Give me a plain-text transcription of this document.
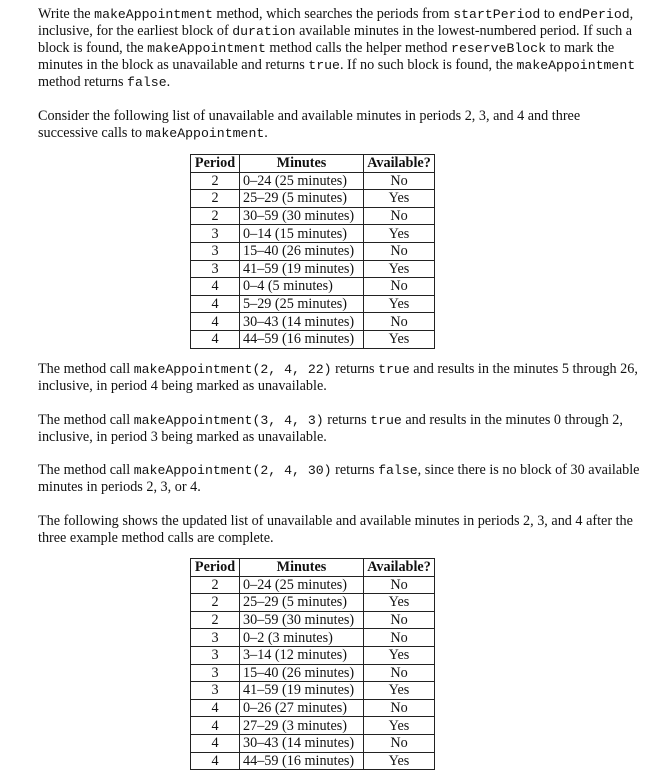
Write the makeAppointment method, which searches the periods from startPeriod to endPeriod, inclusive, for the earliest block of duration available minutes in the lowest-numbered period. If such a block is found, the makeAppointment method calls the helper method reserveBlock to mark the minutes in the block as unavailable and returns true. If no such block is found, the makeAppointment method returns false.

Consider the following list of unavailable and available minutes in periods 2, 3, and 4 and three successive calls to makeAppointment.

Period	Minutes	Available?
2	0–24 (25 minutes)	No
2	25–29 (5 minutes)	Yes
2	30–59 (30 minutes)	No
3	0–14 (15 minutes)	Yes
3	15–40 (26 minutes)	No
3	41–59 (19 minutes)	Yes
4	0–4 (5 minutes)	No
4	5–29 (25 minutes)	Yes
4	30–43 (14 minutes)	No
4	44–59 (16 minutes)	Yes

The method call makeAppointment(2, 4, 22) returns true and results in the minutes 5 through 26, inclusive, in period 4 being marked as unavailable.

The method call makeAppointment(3, 4, 3) returns true and results in the minutes 0 through 2, inclusive, in period 3 being marked as unavailable.

The method call makeAppointment(2, 4, 30) returns false, since there is no block of 30 available minutes in periods 2, 3, or 4.

The following shows the updated list of unavailable and available minutes in periods 2, 3, and 4 after the three example method calls are complete.

Period	Minutes	Available?
2	0–24 (25 minutes)	No
2	25–29 (5 minutes)	Yes
2	30–59 (30 minutes)	No
3	0–2 (3 minutes)	No
3	3–14 (12 minutes)	Yes
3	15–40 (26 minutes)	No
3	41–59 (19 minutes)	Yes
4	0–26 (27 minutes)	No
4	27–29 (3 minutes)	Yes
4	30–43 (14 minutes)	No
4	44–59 (16 minutes)	Yes
